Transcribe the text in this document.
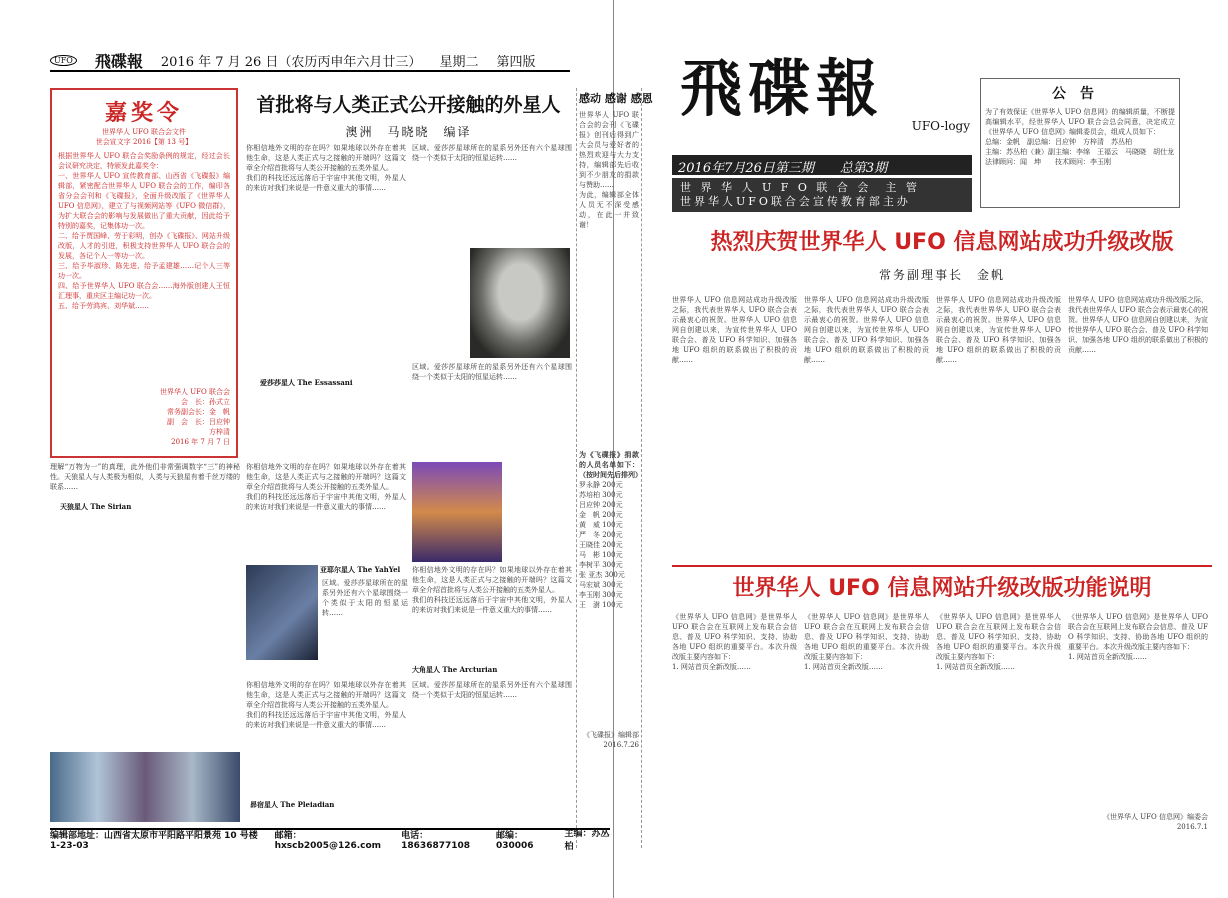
UFO 飛碟報 2016 年 7 月 26 日（农历丙申年六月廿三） 星期二 第四版
嘉奖令
世界华人 UFO 联合会文件
世会宣文字 2016【第 13 号】
根据世界华人 UFO 联合会奖励条例的规定，经过会长会议研究决定，特颁发此嘉奖令：
一、世界华人 UFO 宣传教育部、山西省《飞碟报》编辑部，紧密配合世界华人 UFO 联合会的工作，编印各省分会会刊和《飞碟报》，全面升级改版了《世界华人 UFO 信息网》，建立了与视频网站等《UFO 微信群》，为扩大联合会的影响与发展做出了重大贡献，因此给予特别的嘉奖，记集体功一次。
二、给予贾国峰、劳于彩明，创办《飞碟报》、网站升级改版，人才的引进，积极支持世界华人 UFO 联合会的发展，各记个人一等功一次。
三、给予毕淑珍、陈先进、给予孟建雄……记个人三等功一次。
四、给予世界华人 UFO 联合会……海外版创建人王恒汇理事，重庆区主编记功一次。
五、给予劳鸿宾、刘华斌……
世界华人 UFO 联合会
会　长：孙式立
常务副会长：金　帆
副　会　长：吕应钟
方梓清
2016 年 7 月 7 日
首批将与人类正式公开接触的外星人
澳洲　马晓晓　编译
你相信地外文明的存在吗？如果地球以外存在着其他生命，这是人类正式与之接触的开端吗？这篇文章全介绍首批将与人类公开接触的五类外星人。
我们的科技还远远落后于宇宙中其他文明，外星人的来访对我们来说是一件意义重大的事情……
区域。爱莎莎星球所在的星系另外还有六个星球围绕一个类似于太阳的恒星运转……
爱莎莎星人 The Essassani
区域。爱莎莎星球所在的星系另外还有六个星球围绕一个类似于太阳的恒星运转……
理解“万物为一”的真理，此外他们非常强调数字“三”的神秘性。天狼星人与人类极为相似，人类与天狼星有着千丝万缕的联系……
天狼星人 The Sirian
你相信地外文明的存在吗？如果地球以外存在着其他生命，这是人类正式与之接触的开端吗？这篇文章全介绍首批将与人类公开接触的五类外星人。
我们的科技还远远落后于宇宙中其他文明，外星人的来访对我们来说是一件意义重大的事情……
亚耶尔星人 The YahYel
区域。爱莎莎星球所在的星系另外还有六个星球围绕一个类似于太阳的恒星运转……
大角星人 The Arcturian
你相信地外文明的存在吗？如果地球以外存在着其他生命，这是人类正式与之接触的开端吗？这篇文章全介绍首批将与人类公开接触的五类外星人。
我们的科技还远远落后于宇宙中其他文明，外星人的来访对我们来说是一件意义重大的事情……
区域。爱莎莎星球所在的星系另外还有六个星球围绕一个类似于太阳的恒星运转……
你相信地外文明的存在吗？如果地球以外存在着其他生命，这是人类正式与之接触的开端吗？这篇文章全介绍首批将与人类公开接触的五类外星人。
我们的科技还远远落后于宇宙中其他文明，外星人的来访对我们来说是一件意义重大的事情……
昴宿星人 The Pleiadian
感动 感谢 感恩
世界华人 UFO 联合会的会刊《飞碟报》创刊后得到广大会员与爱好者的热烈欢迎与大力支持，编辑部先后收到不少朋友的捐款与赞助……
为此，编辑部全体人员无不深受感动，在此一并致谢！
为《飞碟报》捐款的人员名单如下：（按时间先后排列）
罗永静 200元
苏培柏 300元
吕应钟 200元
金　帆 200元
黄　威 100元
严　冬 200元
王晓佳 200元
马　彬 100元
李树平 300元
张 亚杰 300元
马宏斌 300元
李玉刚 300元
王　澍 100元
《飞碟报》编辑部
2016.7.26
编辑部地址：山西省太原市平阳路平阳景苑 10 号楼 1-23-03
邮箱：hxscb2005@126.com
电话：18636877108
邮编：030006
主编：苏丛柏
飛碟報
UFO-logy
2016年7月26日第三期　　总第3期
世 界 华 人 U F O 联 合 会　主 管
世界华人UFO联合会宣传教育部主办
公告
为了有效保证《世界华人 UFO 信息网》的编辑质量，不断提高编辑水平，经世界华人 UFO 联合会总会同意，决定成立《世界华人 UFO 信息网》编辑委员会，组成人员如下：
总编：金帆　副总编：吕应钟　方梓清　苏丛柏
主编：苏丛柏（兼）副主编：李绵　王福云　马晓晓　胡仕龙
法律顾问：闻　坤　　技术顾问：李玉刚
热烈庆贺世界华人 UFO 信息网站成功升级改版
常务副理事长　金帆
世界华人 UFO 信息网站成功升级改版之际，我代表世界华人 UFO 联合会表示最衷心的祝贺。世界华人 UFO 信息网自创建以来，为宣传世界华人 UFO 联合会、普及 UFO 科学知识、加强各地 UFO 组织的联系做出了积极的贡献……
世界华人 UFO 信息网站成功升级改版之际，我代表世界华人 UFO 联合会表示最衷心的祝贺。世界华人 UFO 信息网自创建以来，为宣传世界华人 UFO 联合会、普及 UFO 科学知识、加强各地 UFO 组织的联系做出了积极的贡献……
世界华人 UFO 信息网站成功升级改版之际，我代表世界华人 UFO 联合会表示最衷心的祝贺。世界华人 UFO 信息网自创建以来，为宣传世界华人 UFO 联合会、普及 UFO 科学知识、加强各地 UFO 组织的联系做出了积极的贡献……
世界华人 UFO 信息网站成功升级改版之际，我代表世界华人 UFO 联合会表示最衷心的祝贺。世界华人 UFO 信息网自创建以来，为宣传世界华人 UFO 联合会、普及 UFO 科学知识、加强各地 UFO 组织的联系做出了积极的贡献……
世界华人 UFO 信息网站升级改版功能说明
《世界华人 UFO 信息网》是世界华人 UFO 联合会在互联网上发布联合会信息、普及 UFO 科学知识、支持、协助各地 UFO 组织的重要平台。本次升级改版主要内容如下：
1. 网站首页全新改版……
《世界华人 UFO 信息网》是世界华人 UFO 联合会在互联网上发布联合会信息、普及 UFO 科学知识、支持、协助各地 UFO 组织的重要平台。本次升级改版主要内容如下：
1. 网站首页全新改版……
《世界华人 UFO 信息网》是世界华人 UFO 联合会在互联网上发布联合会信息、普及 UFO 科学知识、支持、协助各地 UFO 组织的重要平台。本次升级改版主要内容如下：
1. 网站首页全新改版……
《世界华人 UFO 信息网》是世界华人 UFO 联合会在互联网上发布联合会信息、普及 UFO 科学知识、支持、协助各地 UFO 组织的重要平台。本次升级改版主要内容如下：
1. 网站首页全新改版……
《世界华人 UFO 信息网》编委会
2016.7.1
